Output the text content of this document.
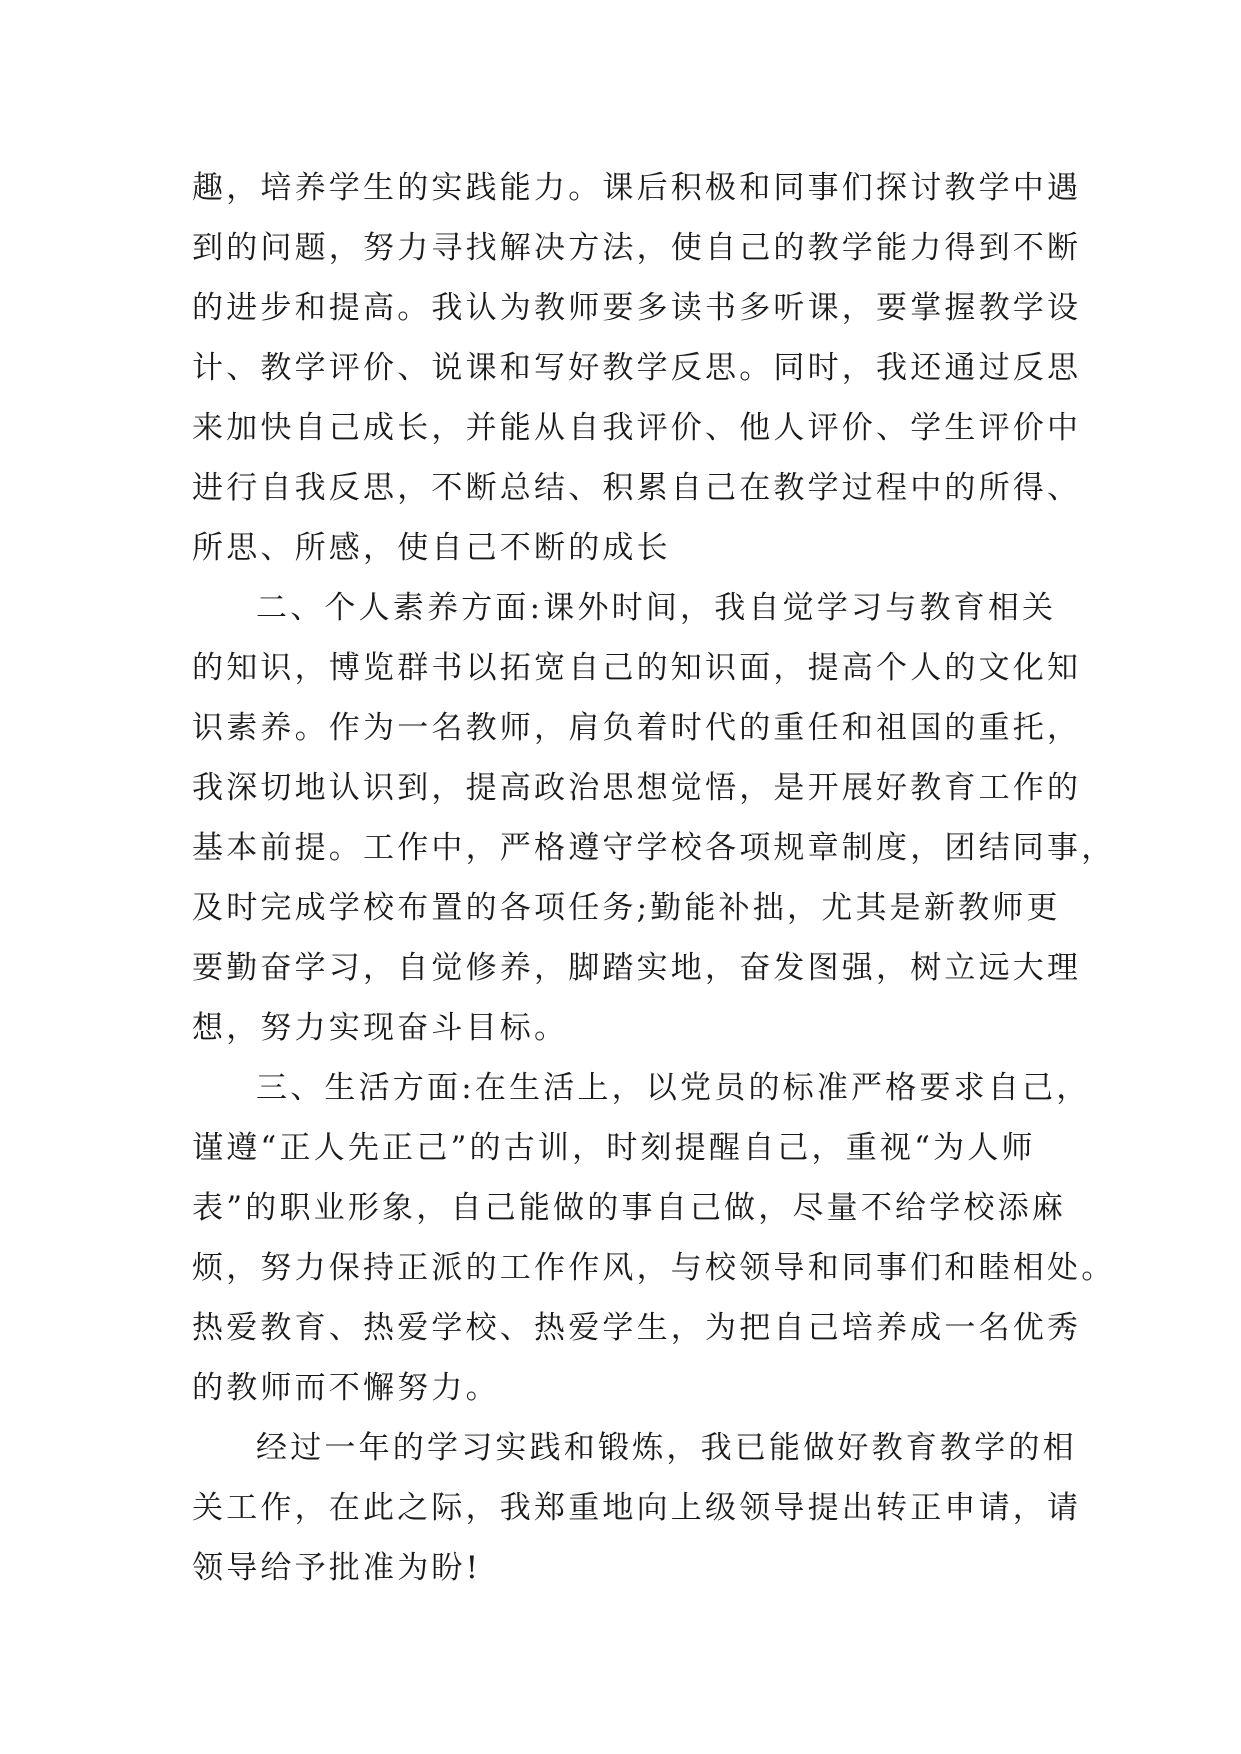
趣，培养学生的实践能力。课后积极和同事们探讨教学中遇
到的问题，努力寻找解决方法，使自己的教学能力得到不断
的进步和提高。我认为教师要多读书多听课，要掌握教学设
计、教学评价、说课和写好教学反思。同时，我还通过反思
来加快自己成长，并能从自我评价、他人评价、学生评价中
进行自我反思，不断总结、积累自己在教学过程中的所得、
所思、所感，使自己不断的成长
二、个人素养方面:课外时间，我自觉学习与教育相关
的知识，博览群书以拓宽自己的知识面，提高个人的文化知
识素养。作为一名教师，肩负着时代的重任和祖国的重托，
我深切地认识到，提高政治思想觉悟，是开展好教育工作的
基本前提。工作中，严格遵守学校各项规章制度，团结同事，
及时完成学校布置的各项任务;勤能补拙，尤其是新教师更
要勤奋学习，自觉修养，脚踏实地，奋发图强，树立远大理
想，努力实现奋斗目标。
三、生活方面:在生活上，以党员的标准严格要求自己，
谨遵“正人先正己”的古训，时刻提醒自己，重视“为人师
表”的职业形象，自己能做的事自己做，尽量不给学校添麻
烦，努力保持正派的工作作风，与校领导和同事们和睦相处。
热爱教育、热爱学校、热爱学生，为把自己培养成一名优秀
的教师而不懈努力。
经过一年的学习实践和锻炼，我已能做好教育教学的相
关工作，在此之际，我郑重地向上级领导提出转正申请，请
领导给予批准为盼!
